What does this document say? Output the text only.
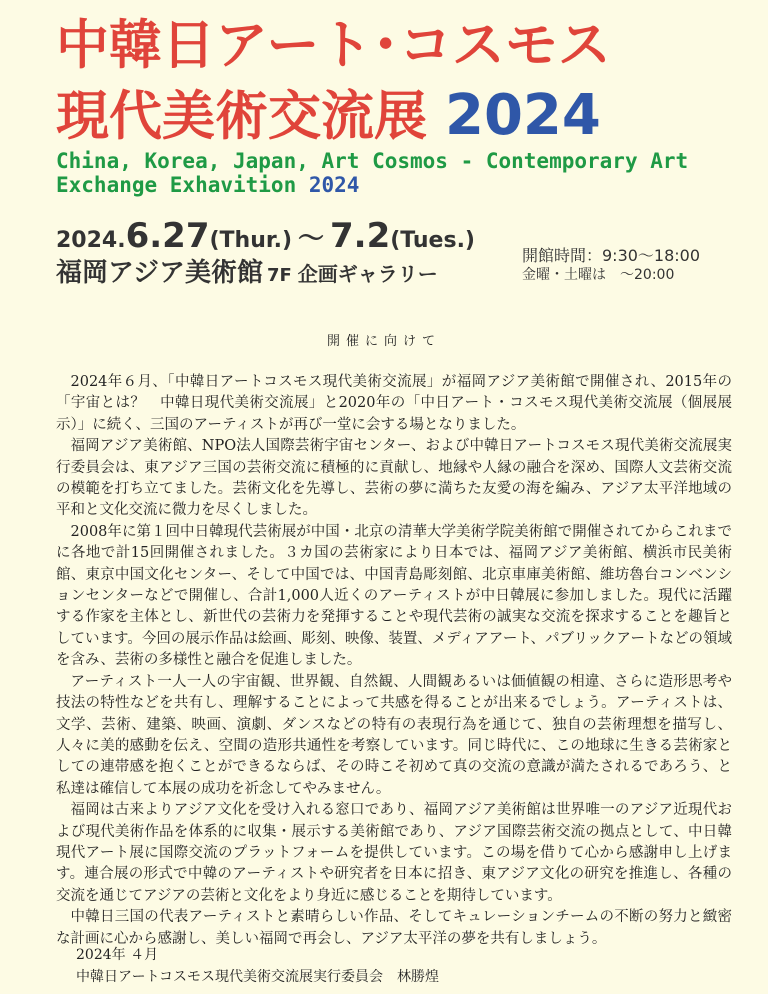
中韓日アート･コスモス
現代美術交流展 2024
China, Korea, Japan, Art Cosmos - Contemporary Art
Exchange Exhavition 2024
2024.6.27(Thur.) ～ 7.2(Tues.)
福岡アジア美術館 7F 企画ギャラリー
開館時間：9:30～18:00
金曜・土曜は　～20:00
開催に向けて

2024年６月、「中韓日アートコスモス現代美術交流展」が福岡アジア美術館で開催され、2015年の「宇宙とは？　中韓日現代美術交流展」と2020年の「中日アート・コスモス現代美術交流展（個展展示）」に続く、三国のアーティストが再び一堂に会する場となりました。

福岡アジア美術館、NPO法人国際芸術宇宙センター、および中韓日アートコスモス現代美術交流展実行委員会は、東アジア三国の芸術交流に積極的に貢献し、地縁や人縁の融合を深め、国際人文芸術交流の模範を打ち立てました。芸術文化を先導し、芸術の夢に満ちた友愛の海を編み、アジア太平洋地域の平和と文化交流に微力を尽くしました。

2008年に第１回中日韓現代芸術展が中国・北京の清華大学美術学院美術館で開催されてからこれまでに各地で計15回開催されました。３カ国の芸術家により日本では、福岡アジア美術館、横浜市民美術館、東京中国文化センター、そして中国では、中国青島彫刻館、北京車庫美術館、維坊魯台コンベンションセンターなどで開催し、合計1,000人近くのアーティストが中日韓展に参加しました。現代に活躍する作家を主体とし、新世代の芸術力を発揮することや現代芸術の誠実な交流を探求することを趣旨としています。今回の展示作品は絵画、彫刻、映像、装置、メディアアート、パブリックアートなどの領域を含み、芸術の多様性と融合を促進しました。

アーティスト一人一人の宇宙観、世界観、自然観、人間観あるいは価値観の相違、さらに造形思考や技法の特性などを共有し、理解することによって共感を得ることが出来るでしょう。アーティストは、文学、芸術、建築、映画、演劇、ダンスなどの特有の表現行為を通じて、独自の芸術理想を描写し、人々に美的感動を伝え、空間の造形共通性を考察しています。同じ時代に、この地球に生きる芸術家としての連帯感を抱くことができるならば、その時こそ初めて真の交流の意識が満たされるであろう、と私達は確信して本展の成功を祈念してやみません。

福岡は古来よりアジア文化を受け入れる窓口であり、福岡アジア美術館は世界唯一のアジア近現代および現代美術作品を体系的に収集・展示する美術館であり、アジア国際芸術交流の拠点として、中日韓現代アート展に国際交流のプラットフォームを提供しています。この場を借りて心から感謝申し上げます。連合展の形式で中韓のアーティストや研究者を日本に招き、東アジア文化の研究を推進し、各種の交流を通じてアジアの芸術と文化をより身近に感じることを期待しています。

中韓日三国の代表アーティストと素晴らしい作品、そしてキュレーションチームの不断の努力と緻密な計画に心から感謝し、美しい福岡で再会し、アジア太平洋の夢を共有しましょう。

2024年 ４月
中韓日アートコスモス現代美術交流展実行委員会 林勝煌
